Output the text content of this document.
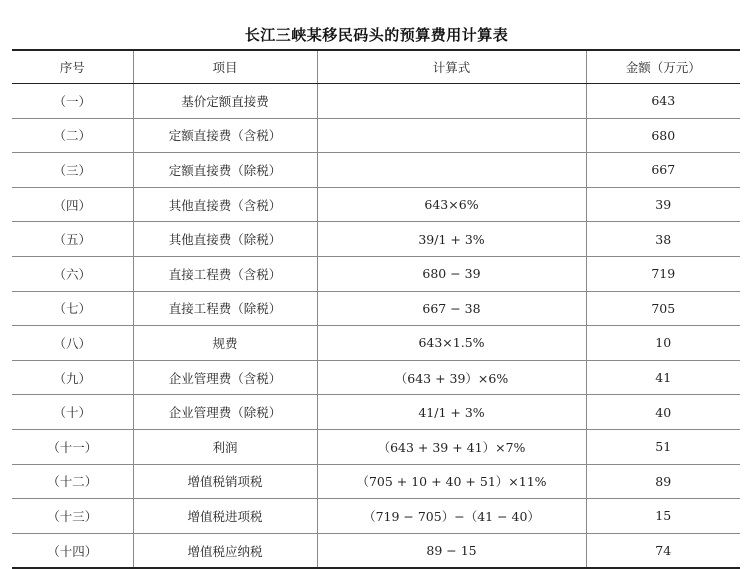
长江三峡某移民码头的预算费用计算表
序号	项目	计算式	金额（万元）
（一）	基价定额直接费		643
（二）	定额直接费（含税）		680
（三）	定额直接费（除税）		667
（四）	其他直接费（含税）	643×6%	39
（五）	其他直接费（除税）	39/1 + 3%	38
（六）	直接工程费（含税）	680 − 39	719
（七）	直接工程费（除税）	667 − 38	705
（八）	规费	643×1.5%	10
（九）	企业管理费（含税）	（643 + 39）×6%	41
（十）	企业管理费（除税）	41/1 + 3%	40
（十一）	利润	（643 + 39 + 41）×7%	51
（十二）	增值税销项税	（705 + 10 + 40 + 51）×11%	89
（十三）	增值税进项税	（719 − 705）−（41 − 40）	15
（十四）	增值税应纳税	89 − 15	74
